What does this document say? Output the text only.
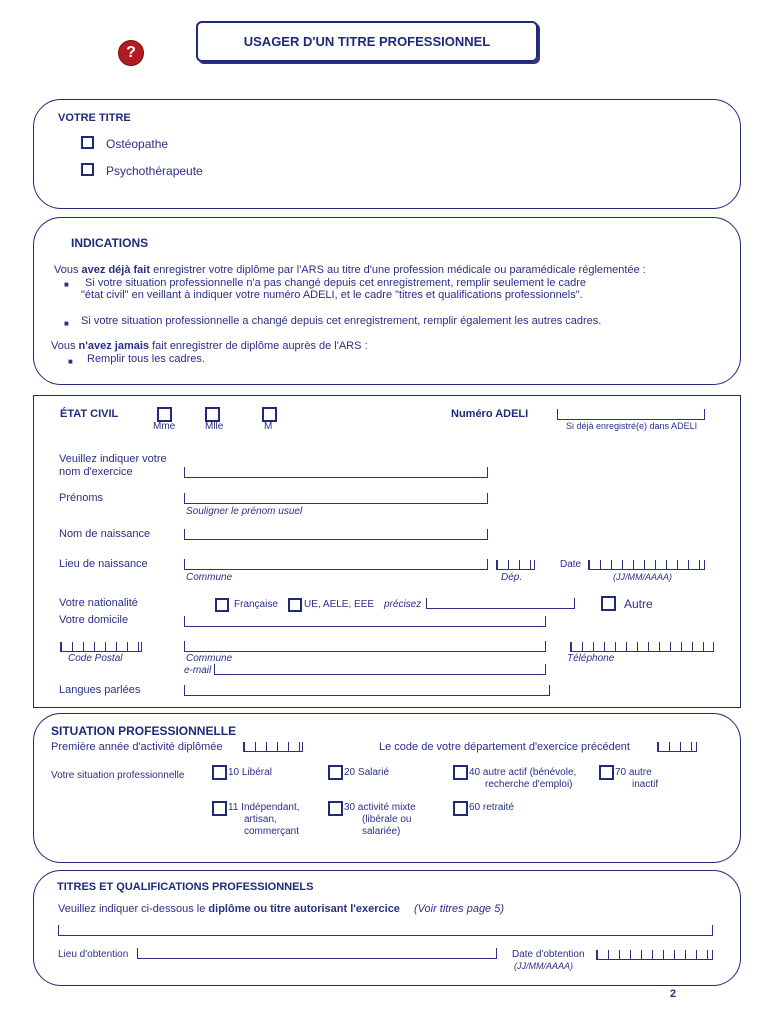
?
USAGER D'UN TITRE PROFESSIONNEL
VOTRE TITRE
Ostéopathe
Psychothérapeute
INDICATIONS
Vous avez déjà fait enregistrer votre diplôme par l'ARS au titre d'une profession médicale ou paramédicale réglementée :
■ Si votre situation professionnelle n'a pas changé depuis cet enregistrement, remplir seulement le cadre
"état civil" en veillant à indiquer votre numéro ADELI, et le cadre "titres et qualifications professionnels".
■ Si votre situation professionnelle a changé depuis cet enregistrement, remplir également les autres cadres.
Vous n'avez jamais fait enregistrer de diplôme auprès de l'ARS :
■ Remplir tous les cadres.
ÉTAT CIVIL
Mme	Mlle	M
Numéro ADELI
Si déjà enregistré(e) dans ADELI
Veuillez indiquer votre
nom d'exercice
Prénoms
Souligner le prénom usuel
Nom de naissance
Lieu de naissance
Commune	Dép.
Date
(JJ/MM/AAAA)
Votre nationalité	Française	UE, AELE, EEE précisez	Autre
Votre domicile
Code Postal	Commune	Téléphone
e-mail
Langues parlées
SITUATION PROFESSIONNELLE
Première année d'activité diplômée	Le code de votre département d'exercice précédent
Votre situation professionnelle	10 Libéral	20 Salarié	40 autre actif (bénévole,
recherche d'emploi)
70 autre
inactif
11 Indépendant,
artisan,
commerçant
30 activité mixte
(libérale ou
salariée)
60 retraité
TITRES ET QUALIFICATIONS PROFESSIONNELS
Veuillez indiquer ci-dessous le diplôme ou titre autorisant l'exercice (Voir titres page 5)
Lieu d'obtention	Date d'obtention
(JJ/MM/AAAA)
2
